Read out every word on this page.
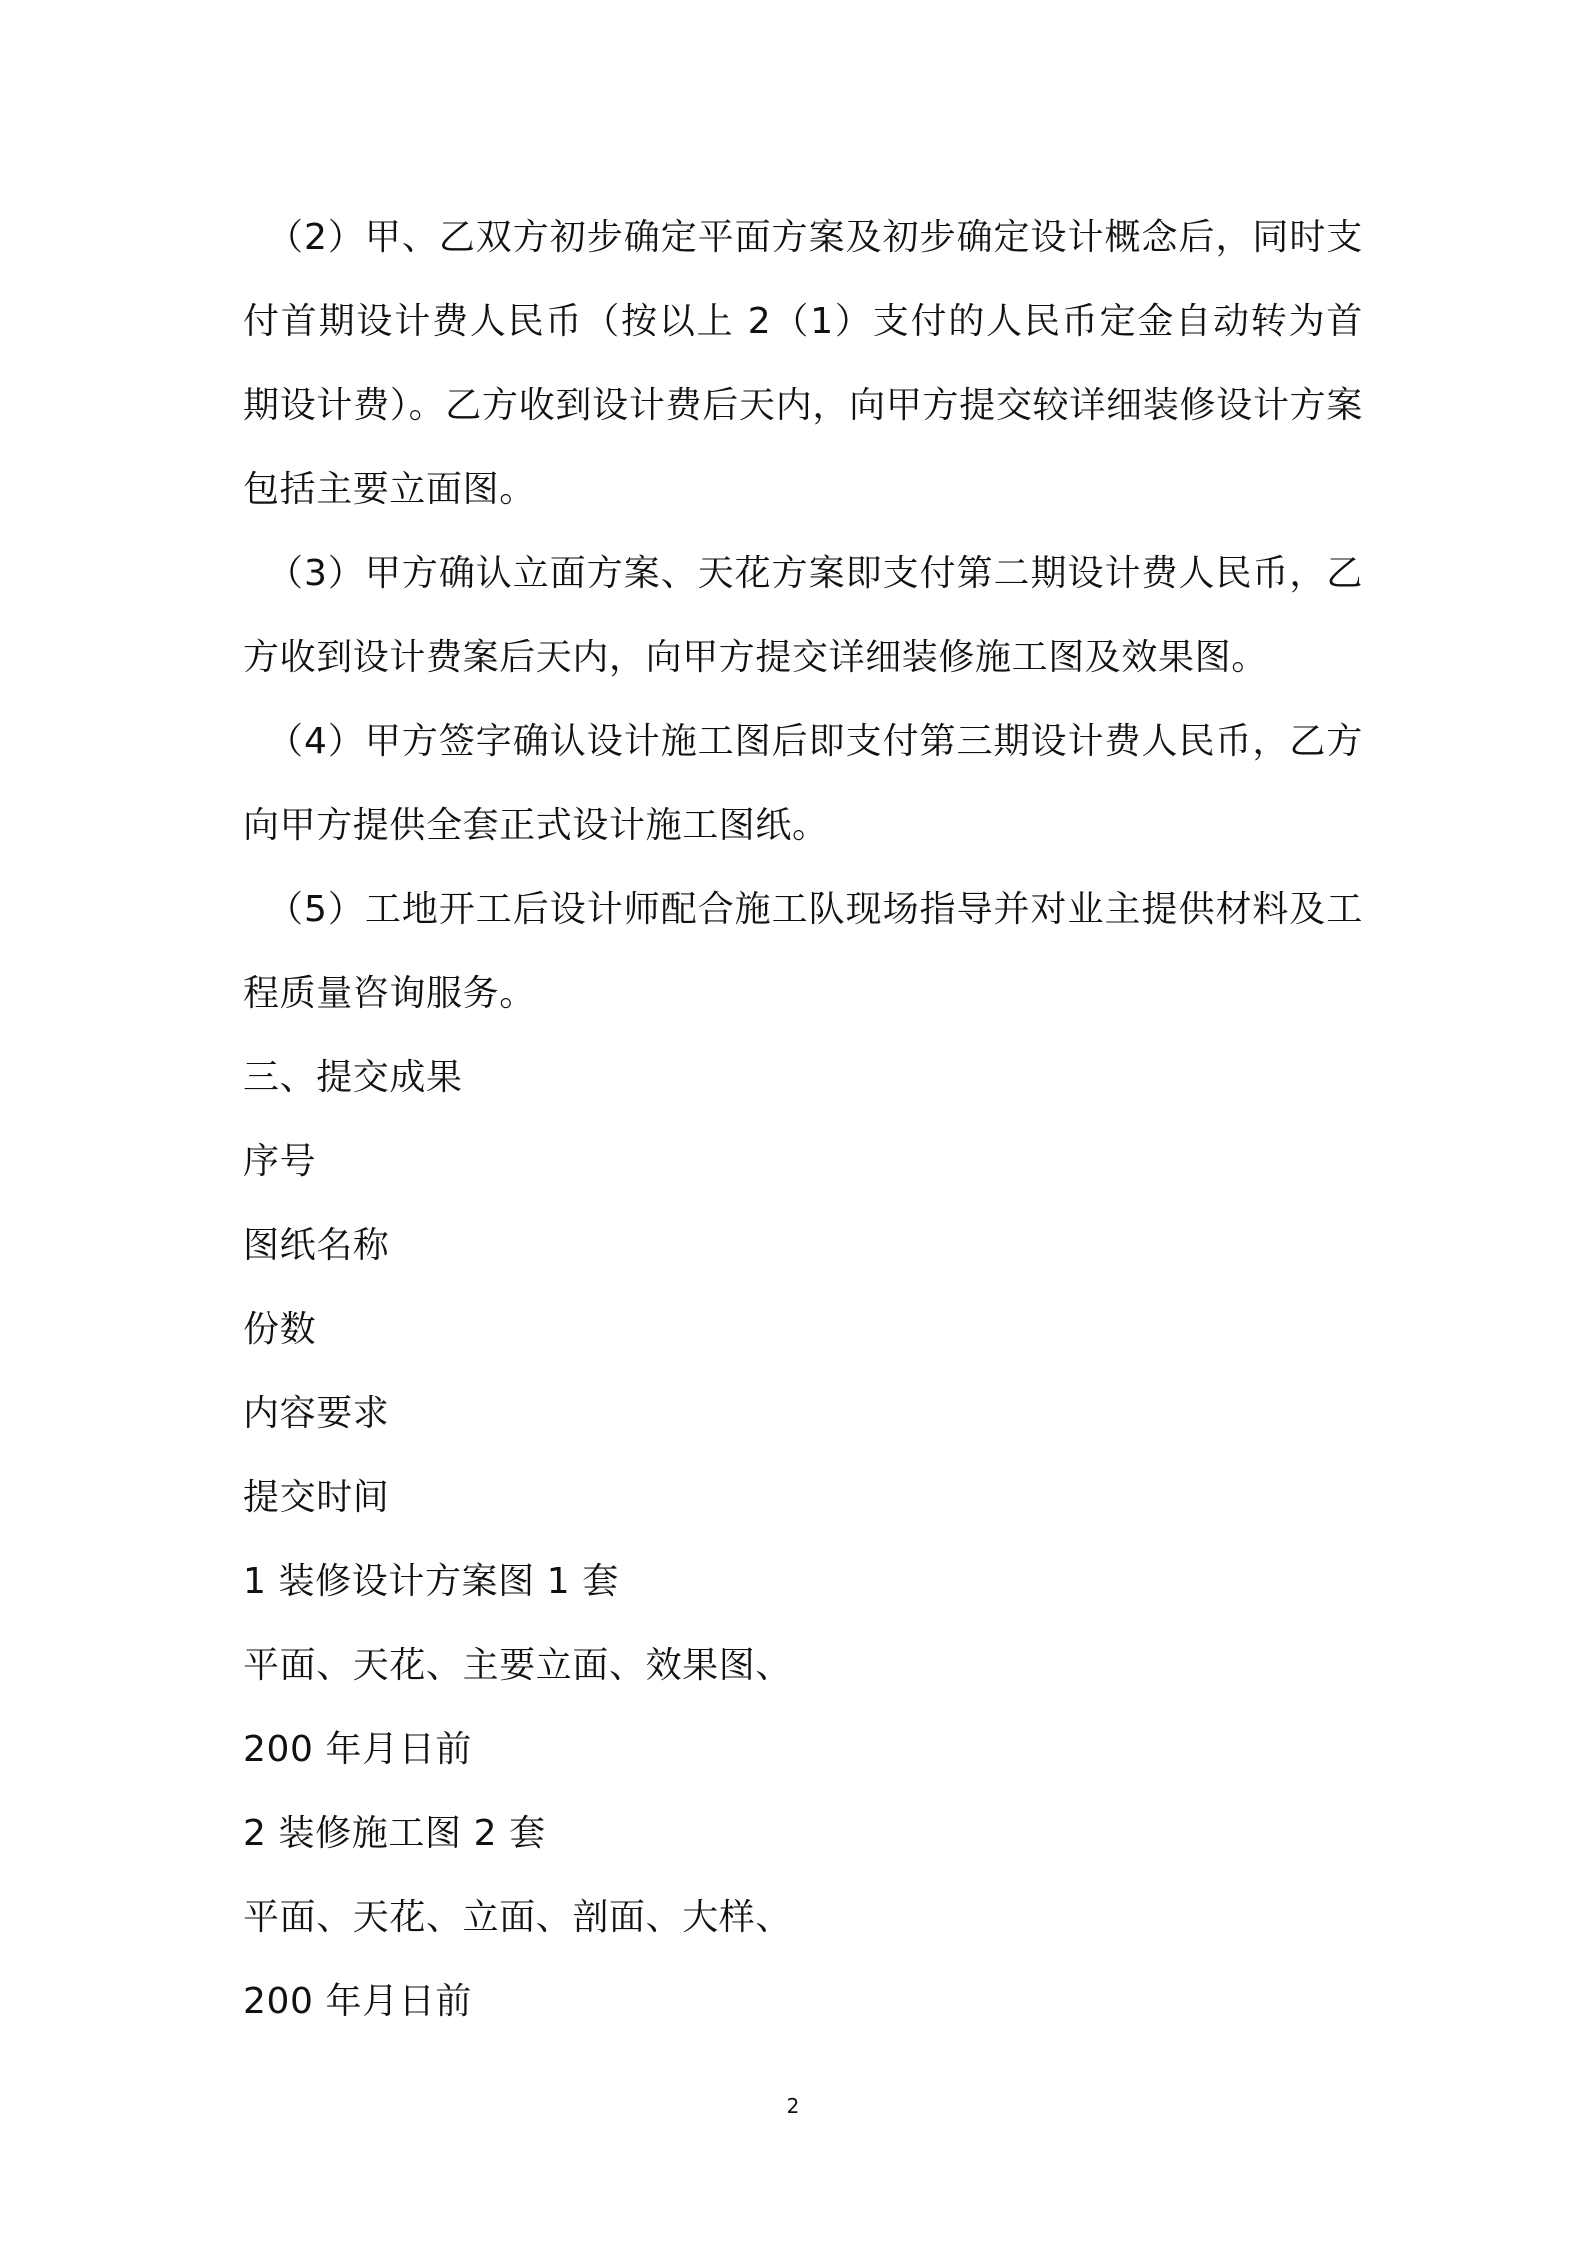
（2）甲、乙双方初步确定平面方案及初步确定设计概念后，同时支付首期设计费人民币（按以上 2（1）支付的人民币定金自动转为首期设计费）。乙方收到设计费后天内，向甲方提交较详细装修设计方案包括主要立面图。

（3）甲方确认立面方案、天花方案即支付第二期设计费人民币，乙方收到设计费案后天内，向甲方提交详细装修施工图及效果图。

（4）甲方签字确认设计施工图后即支付第三期设计费人民币，乙方向甲方提供全套正式设计施工图纸。

（5）工地开工后设计师配合施工队现场指导并对业主提供材料及工程质量咨询服务。

三、提交成果

序号

图纸名称

份数

内容要求

提交时间

1 装修设计方案图 1 套

平面、天花、主要立面、效果图、

200 年月日前

2 装修施工图 2 套

平面、天花、立面、剖面、大样、

200 年月日前

2
